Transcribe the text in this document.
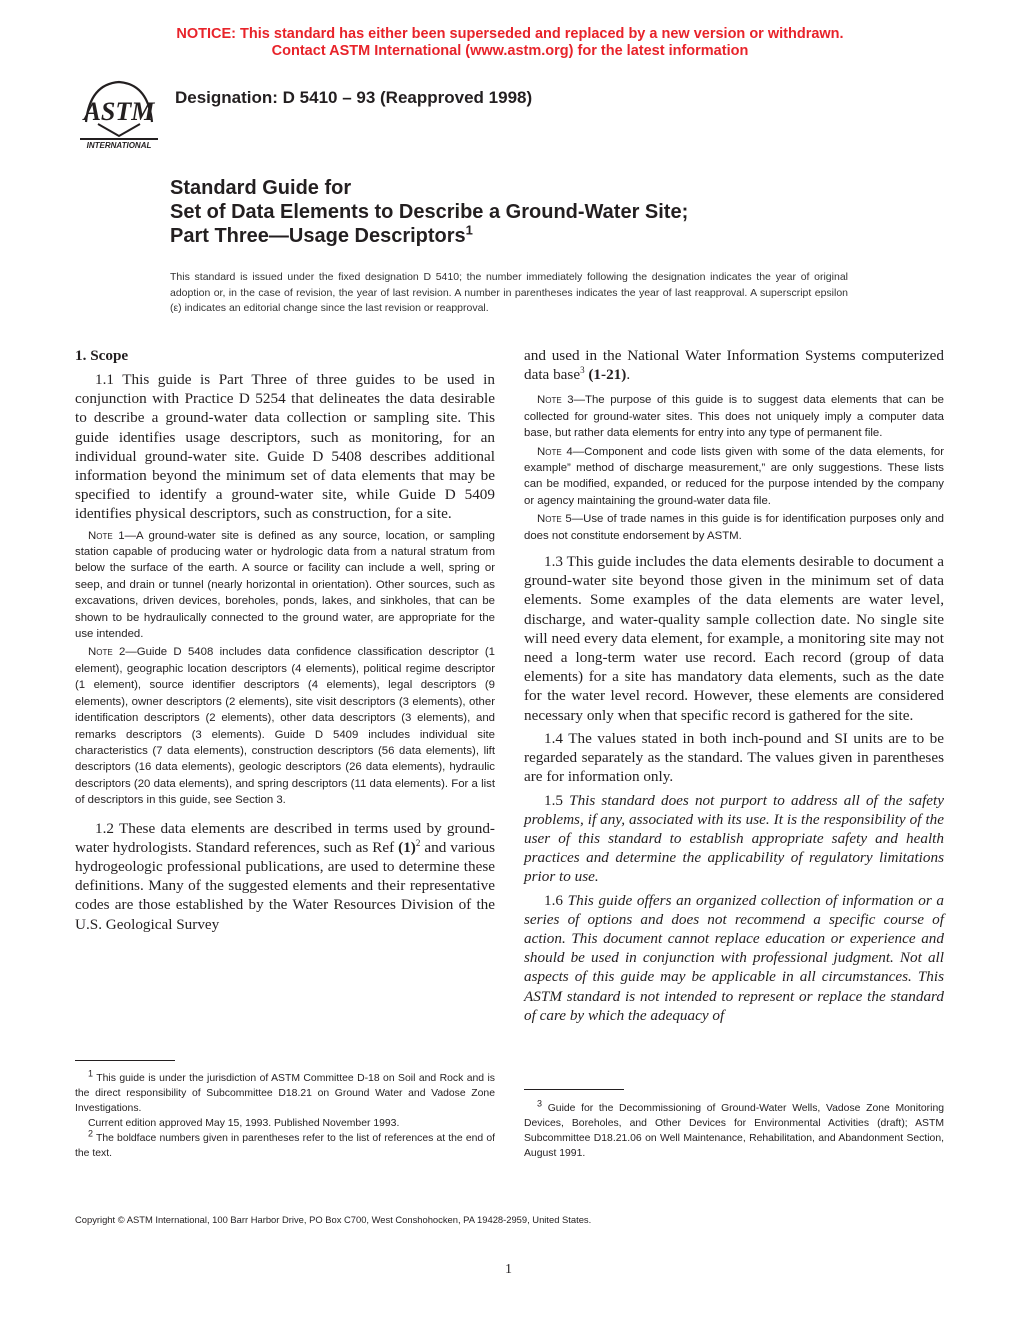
NOTICE: This standard has either been superseded and replaced by a new version or withdrawn.
Contact ASTM International (www.astm.org) for the latest information
ASTM
INTERNATIONAL
Designation: D 5410 – 93 (Reapproved 1998)
Standard Guide for
Set of Data Elements to Describe a Ground-Water Site;
Part Three—Usage Descriptors$^1$
This standard is issued under the fixed designation D 5410; the number immediately following the designation indicates the year of original adoption or, in the case of revision, the year of last revision. A number in parentheses indicates the year of last reapproval. A superscript epsilon (ε) indicates an editorial change since the last revision or reapproval.
1. Scope

1.1 This guide is Part Three of three guides to be used in conjunction with Practice D 5254 that delineates the data desirable to describe a ground-water data collection or sampling site. This guide identifies usage descriptors, such as monitoring, for an individual ground-water site. Guide D 5408 describes additional information beyond the minimum set of data elements that may be specified to identify a ground-water site, while Guide D 5409 identifies physical descriptors, such as construction, for a site.

Note 1—A ground-water site is defined as any source, location, or sampling station capable of producing water or hydrologic data from a natural stratum from below the surface of the earth. A source or facility can include a well, spring or seep, and drain or tunnel (nearly horizontal in orientation). Other sources, such as excavations, driven devices, boreholes, ponds, lakes, and sinkholes, that can be shown to be hydraulically connected to the ground water, are appropriate for the use intended.

Note 2—Guide D 5408 includes data confidence classification descriptor (1 element), geographic location descriptors (4 elements), political regime descriptor (1 element), source identifier descriptors (4 elements), legal descriptors (9 elements), owner descriptors (2 elements), site visit descriptors (3 elements), other identification descriptors (2 elements), other data descriptors (3 elements), and remarks descriptors (3 elements). Guide D 5409 includes individual site characteristics (7 data elements), construction descriptors (56 data elements), lift descriptors (16 data elements), geologic descriptors (26 data elements), hydraulic descriptors (20 data elements), and spring descriptors (11 data elements). For a list of descriptors in this guide, see Section 3.

1.2 These data elements are described in terms used by ground-water hydrologists. Standard references, such as Ref $(1)^2$ and various hydrogeologic professional publications, are used to determine these definitions. Many of the suggested elements and their representative codes are those established by the Water Resources Division of the U.S. Geological Survey

and used in the National Water Information Systems computerized data base$^3$ (1-21).

Note 3—The purpose of this guide is to suggest data elements that can be collected for ground-water sites. This does not uniquely imply a computer data base, but rather data elements for entry into any type of permanent file.

Note 4—Component and code lists given with some of the data elements, for example” method of discharge measurement,” are only suggestions. These lists can be modified, expanded, or reduced for the purpose intended by the company or agency maintaining the ground-water data file.

Note 5—Use of trade names in this guide is for identification purposes only and does not constitute endorsement by ASTM.

1.3 This guide includes the data elements desirable to document a ground-water site beyond those given in the minimum set of data elements. Some examples of the data elements are water level, discharge, and water-quality sample collection date. No single site will need every data element, for example, a monitoring site may not need a long-term water use record. Each record (group of data elements) for a site has mandatory data elements, such as the date for the water level record. However, these elements are considered necessary only when that specific record is gathered for the site.

1.4 The values stated in both inch-pound and SI units are to be regarded separately as the standard. The values given in parentheses are for information only.

1.5 This standard does not purport to address all of the safety problems, if any, associated with its use. It is the responsibility of the user of this standard to establish appropriate safety and health practices and determine the applicability of regulatory limitations prior to use.

1.6 This guide offers an organized collection of information or a series of options and does not recommend a specific course of action. This document cannot replace education or experience and should be used in conjunction with professional judgment. Not all aspects of this guide may be applicable in all circumstances. This ASTM standard is not intended to represent or replace the standard of care by which the adequacy of

$^1$ This guide is under the jurisdiction of ASTM Committee D-18 on Soil and Rock and is the direct responsibility of Subcommittee D18.21 on Ground Water and Vadose Zone Investigations.

Current edition approved May 15, 1993. Published November 1993.

$^2$ The boldface numbers given in parentheses refer to the list of references at the end of the text.

$^3$ Guide for the Decommissioning of Ground-Water Wells, Vadose Zone Monitoring Devices, Boreholes, and Other Devices for Environmental Activities (draft); ASTM Subcommittee D18.21.06 on Well Maintenance, Rehabilitation, and Abandonment Section, August 1991.

Copyright © ASTM International, 100 Barr Harbor Drive, PO Box C700, West Conshohocken, PA 19428-2959, United States.
1
